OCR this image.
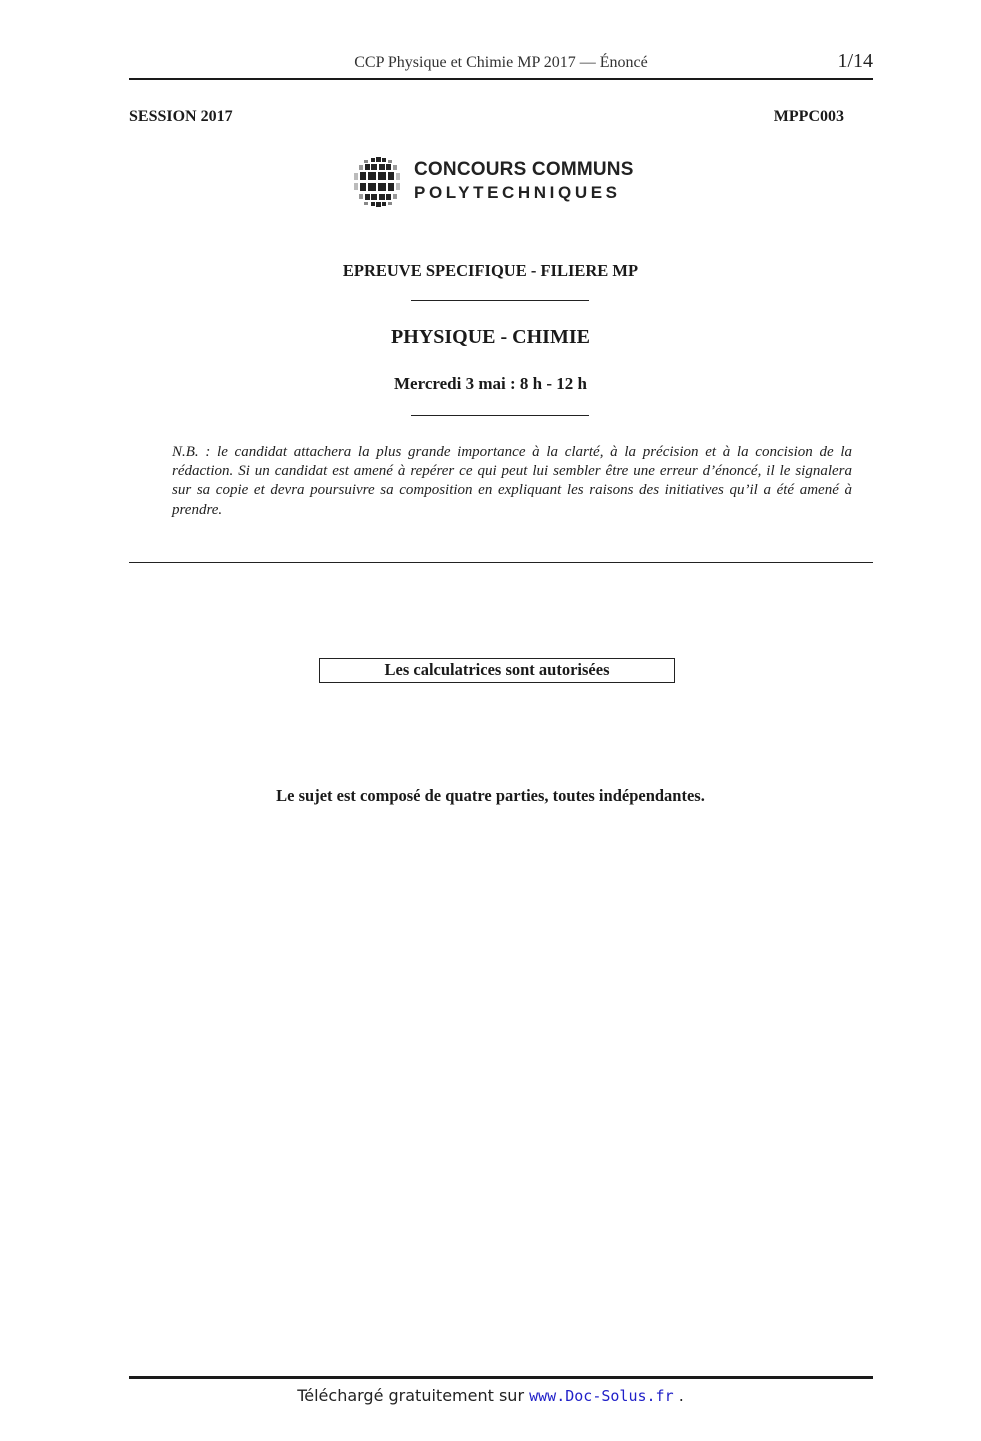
CCP Physique et Chimie MP 2017 — Énoncé	1/14
SESSION 2017	MPPC003
CONCOURS COMMUNS
POLYTECHNIQUES
EPREUVE SPECIFIQUE - FILIERE MP
PHYSIQUE - CHIMIE
Mercredi 3 mai : 8 h - 12 h
N.B. : le candidat attachera la plus grande importance à la clarté, à la précision et à la concision de la rédaction. Si un candidat est amené à repérer ce qui peut lui sembler être une erreur d’énoncé, il le signalera sur sa copie et devra poursuivre sa composition en expliquant les raisons des initiatives qu’il a été amené à prendre.
Les calculatrices sont autorisées
Le sujet est composé de quatre parties, toutes indépendantes.
Téléchargé gratuitement sur www.Doc-Solus.fr .
